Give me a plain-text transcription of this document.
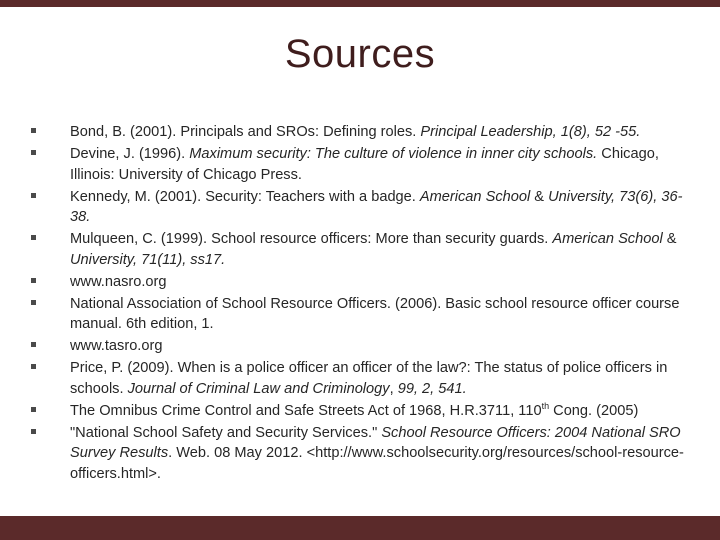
Sources
Bond, B. (2001). Principals and SROs: Defining roles. Principal Leadership, 1(8), 52 -55.
Devine, J. (1996). Maximum security: The culture of violence in inner city schools. Chicago, Illinois: University of Chicago Press.
Kennedy, M. (2001). Security: Teachers with a badge. American School & University, 73(6), 36-38.
Mulqueen, C. (1999). School resource officers: More than security guards. American School & University, 71(11), ss17.
www.nasro.org
National Association of School Resource Officers. (2006). Basic school resource officer course manual. 6th edition, 1.
www.tasro.org
Price, P. (2009). When is a police officer an officer of the law?: The status of police officers in schools. Journal of Criminal Law and Criminology, 99, 2, 541.
The Omnibus Crime Control and Safe Streets Act of 1968, H.R.3711, 110th Cong. (2005)
"National School Safety and Security Services." School Resource Officers: 2004 National SRO Survey Results. Web. 08 May 2012. <http://www.schoolsecurity.org/resources/school-resource-officers.html>.
